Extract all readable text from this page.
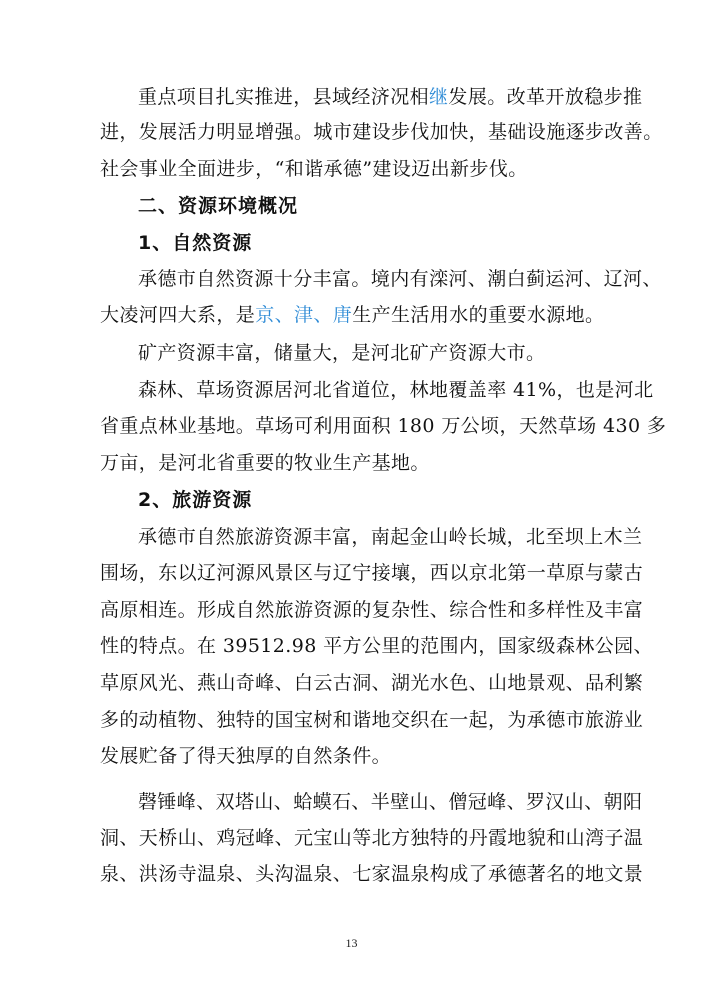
重点项目扎实推进，县域经济况相继发展。改革开放稳步推
进，发展活力明显增强。城市建设步伐加快，基础设施逐步改善。
社会事业全面进步，“和谐承德”建设迈出新步伐。
二、资源环境概况
1、自然资源
承德市自然资源十分丰富。境内有滦河、潮白蓟运河、辽河、
大凌河四大系，是京、津、唐生产生活用水的重要水源地。
矿产资源丰富，储量大，是河北矿产资源大市。
森林、草场资源居河北省道位，林地覆盖率 41%，也是河北
省重点林业基地。草场可利用面积 180 万公顷，天然草场 430 多
万亩，是河北省重要的牧业生产基地。
2、旅游资源
承德市自然旅游资源丰富，南起金山岭长城，北至坝上木兰
围场，东以辽河源风景区与辽宁接壤，西以京北第一草原与蒙古
高原相连。形成自然旅游资源的复杂性、综合性和多样性及丰富
性的特点。在 39512.98 平方公里的范围内，国家级森林公园、
草原风光、燕山奇峰、白云古洞、湖光水色、山地景观、品利繁
多的动植物、独特的国宝树和谐地交织在一起，为承德市旅游业
发展贮备了得天独厚的自然条件。
磬锤峰、双塔山、蛤蟆石、半壁山、僧冠峰、罗汉山、朝阳
洞、天桥山、鸡冠峰、元宝山等北方独特的丹霞地貌和山湾子温
泉、洪汤寺温泉、头沟温泉、七家温泉构成了承德著名的地文景
13
